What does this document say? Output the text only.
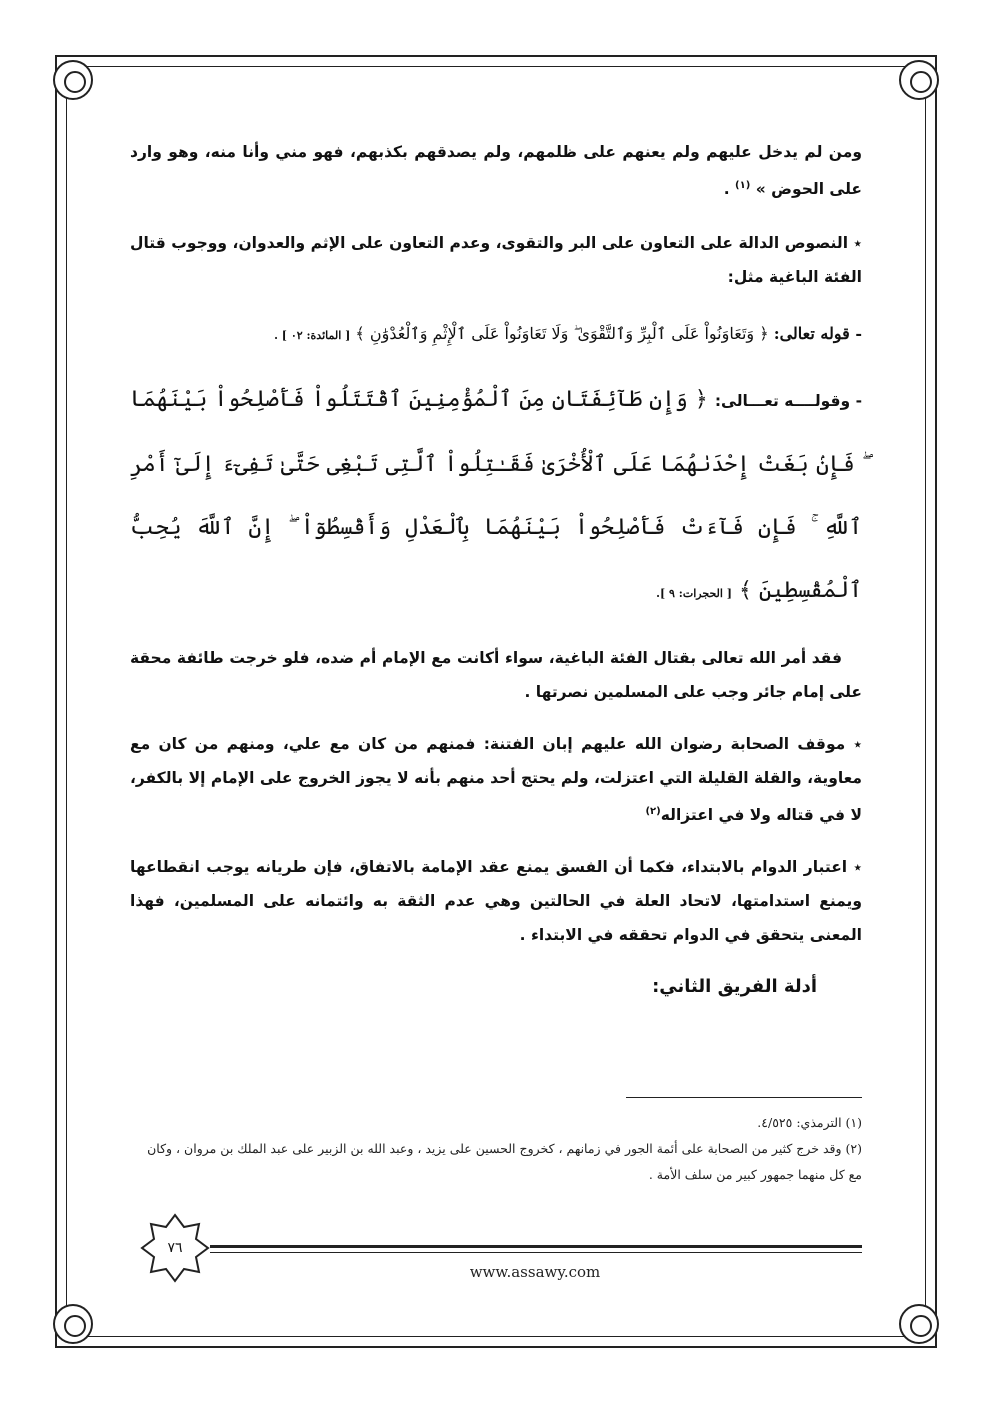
ومن لم يدخل عليهم ولم يعنهم على ظلمهم، ولم يصدقهم بكذبهم، فهو مني وأنا منه، وهو وارد على الحوض » $^{(١)}$ .

٭ النصوص الدالة على التعاون على البر والتقوى، وعدم التعاون على الإثم والعدوان، ووجوب قتال الفئة الباغية مثل:

- قوله تعالى: ﴿ وَتَعَاوَنُواْ عَلَى ٱلْبِرِّ وَٱلتَّقْوَىٰ ۖ وَلَا تَعَاوَنُواْ عَلَى ٱلْإِثْمِ وَٱلْعُدْوَٰنِ ﴾ [ المائدة: ٠٢ ] .

- وقولــــه تعـــالى: ﴿ وَإِن طَآئِفَتَانِ مِنَ ٱلْمُؤْمِنِينَ ٱقْتَتَلُواْ فَأَصْلِحُواْ بَيْنَهُمَا ۖ فَإِنۢ بَغَتْ إِحْدَىٰهُمَا عَلَى ٱلْأُخْرَىٰ فَقَـٰتِلُواْ ٱلَّتِى تَبْغِى حَتَّىٰ تَفِىٓءَ إِلَىٰٓ أَمْرِ ٱللَّهِ ۚ فَإِن فَآءَتْ فَأَصْلِحُواْ بَيْنَهُمَا بِٱلْعَدْلِ وَأَقْسِطُوٓاْ ۖ إِنَّ ٱللَّهَ يُحِبُّ ٱلْمُقْسِطِينَ ﴾ [ الحجرات: ٩ ].

فقد أمر الله تعالى بقتال الفئة الباغية، سواء أكانت مع الإمام أم ضده، فلو خرجت طائفة محقة على إمام جائر وجب على المسلمين نصرتها .

٭ موقف الصحابة رضوان الله عليهم إبان الفتنة: فمنهم من كان مع علي، ومنهم من كان مع معاوية، والقلة القليلة التي اعتزلت، ولم يحتج أحد منهم بأنه لا يجوز الخروج على الإمام إلا بالكفر، لا في قتاله ولا في اعتزاله$^{(٢)}$

٭ اعتبار الدوام بالابتداء، فكما أن الفسق يمنع عقد الإمامة بالاتفاق، فإن طريانه يوجب انقطاعها ويمنع استدامتها، لاتحاد العلة في الحالتين وهي عدم الثقة به وائتمانه على المسلمين، فهذا المعنى يتحقق في الدوام تحققه في الابتداء .

أدلة الفريق الثاني:

(١) الترمذي: ٤/٥٢٥.
(٢) وقد خرج كثير من الصحابة على أئمة الجور في زمانهم ، كخروج الحسين على يزيد ، وعبد الله بن الزبير على عبد الملك بن مروان ، وكان مع كل منهما جمهور كبير من سلف الأمة .
٧٦
www.assawy.com
